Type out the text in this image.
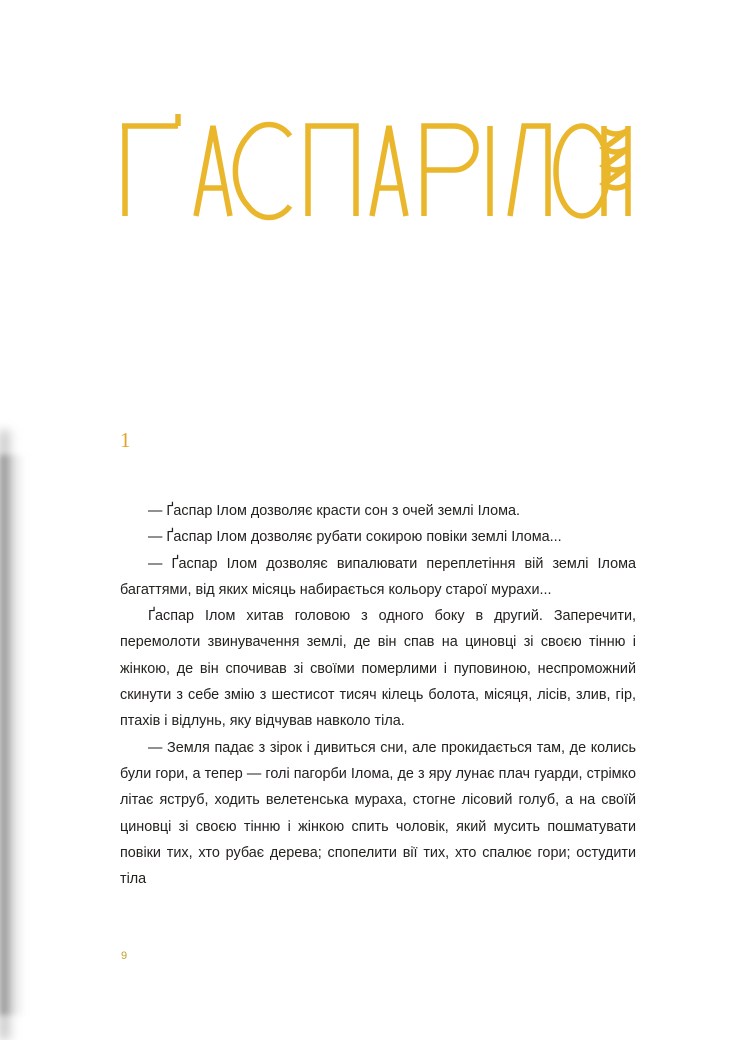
1

— Ґаспар Ілом дозволяє красти сон з очей землі Ілома.

— Ґаспар Ілом дозволяє рубати сокирою повіки землі Ілома...

— Ґаспар Ілом дозволяє випалювати переплетіння вій землі Ілома багаттями, від яких місяць набирається кольору старої мурахи...

Ґаспар Ілом хитав головою з одного боку в другий. Заперечити, перемолоти звинувачення землі, де він спав на циновці зі своєю тінню і жінкою, де він спочивав зі своїми померлими і пуповиною, неспроможний скинути з себе змію з шестисот тисяч кілець болота, місяця, лісів, злив, гір, птахів і відлунь, яку відчував навколо тіла.

— Земля падає з зірок і дивиться сни, але прокидається там, де колись були гори, а тепер — голі пагорби Ілома, де з яру лунає плач гуарди, стрімко літає яструб, ходить велетенська мураха, стогне лісовий голуб, а на своїй циновці зі своєю тінню і жінкою спить чоловік, який мусить пошматувати повіки тих, хто рубає дерева; спопелити вії тих, хто спалює гори; остудити тіла

9
